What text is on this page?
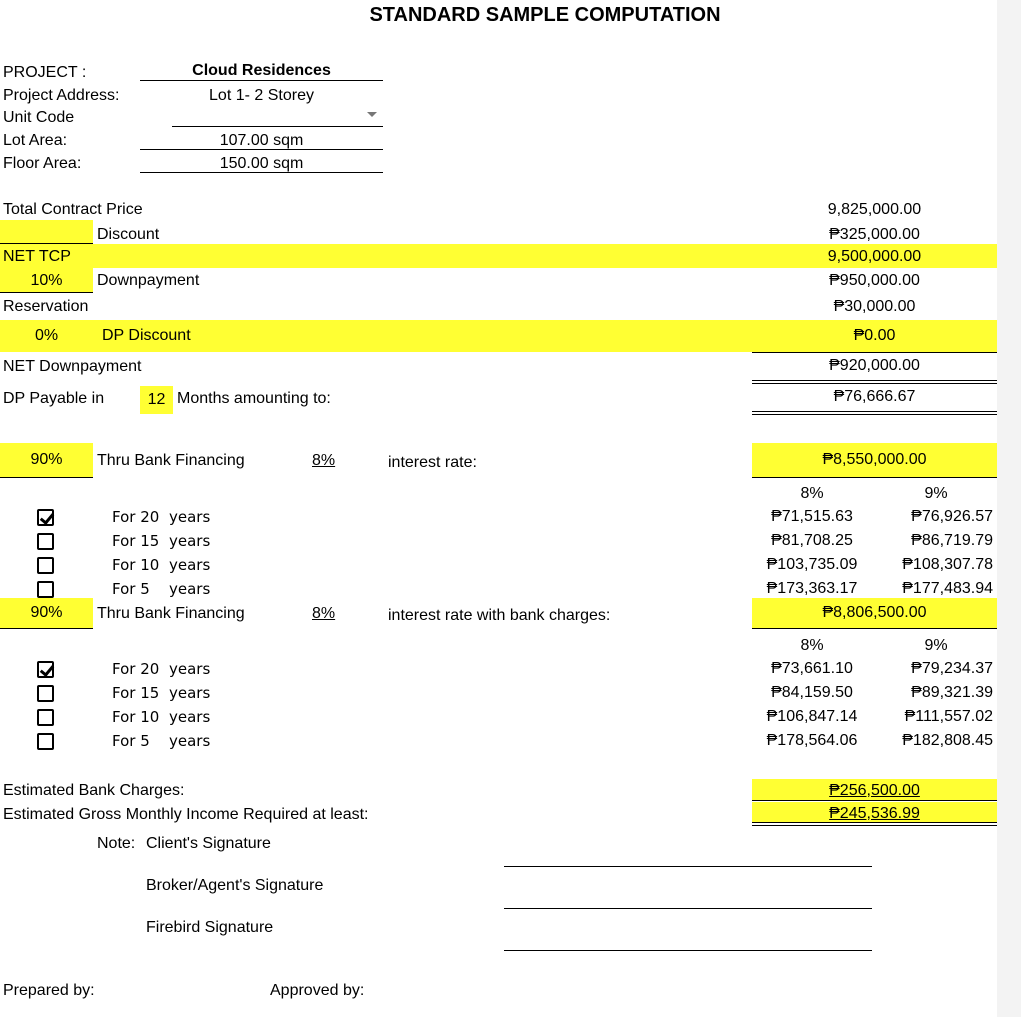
STANDARD SAMPLE COMPUTATION
PROJECT :	Cloud Residences
Project Address:	Lot 1- 2 Storey
Unit Code
Lot Area:	107.00 sqm
Floor Area:	150.00 sqm
Total Contract Price	9,825,000.00
Discount	₱325,000.00
NET TCP	9,500,000.00
10%	Downpayment	₱950,000.00
Reservation	₱30,000.00
0%	DP Discount	₱0.00
NET Downpayment	₱920,000.00
DP Payable in	12 Months amounting to:	₱76,666.67
90%	Thru Bank Financing	8%	interest rate:	₱8,550,000.00
8%	9%
For 20 years	₱71,515.63	₱76,926.57
For 15 years	₱81,708.25	₱86,719.79
For 10 years	₱103,735.09	₱108,307.78
For 5 years	₱173,363.17	₱177,483.94
90%	Thru Bank Financing	8%	interest rate with bank charges:	₱8,806,500.00
8%	9%
For 20 years	₱73,661.10	₱79,234.37
For 15 years	₱84,159.50	₱89,321.39
For 10 years	₱106,847.14	₱111,557.02
For 5 years	₱178,564.06	₱182,808.45
Estimated Bank Charges:	₱256,500.00
Estimated Gross Monthly Income Required at least:	₱245,536.99
Note: Client's Signature
Broker/Agent's Signature
Firebird Signature
Prepared by:	Approved by:
